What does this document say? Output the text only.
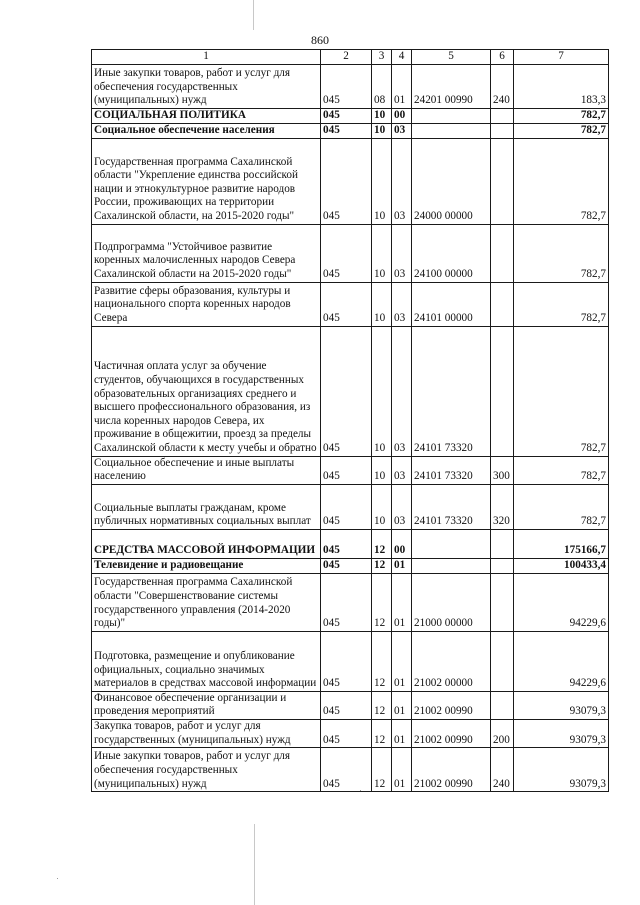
860
1	2	3	4	5	6	7
Иные закупки товаров, работ и услуг для обеспечения государственных (муниципальных) нужд	045	08	01	24201 00990	240	183,3
СОЦИАЛЬНАЯ ПОЛИТИКА	045	10	00			782,7
Социальное обеспечение населения	045	10	03			782,7
Государственная программа Сахалинской области "Укрепление единства российской нации и этнокультурное развитие народов России, проживающих на территории Сахалинской области, на 2015-2020 годы"	045	10	03	24000 00000		782,7
Подпрограмма "Устойчивое развитие коренных малочисленных народов Севера Сахалинской области на 2015-2020 годы"	045	10	03	24100 00000		782,7
Развитие сферы образования, культуры и национального спорта коренных народов Севера	045	10	03	24101 00000		782,7
Частичная оплата услуг за обучение студентов, обучающихся в государственных образовательных организациях среднего и высшего профессионального образования, из числа коренных народов Севера, их проживание в общежитии, проезд за пределы Сахалинской области к месту учебы и обратно	045	10	03	24101 73320		782,7
Социальное обеспечение и иные выплаты населению	045	10	03	24101 73320	300	782,7
Социальные выплаты гражданам, кроме публичных нормативных социальных выплат	045	10	03	24101 73320	320	782,7
СРЕДСТВА МАССОВОЙ ИНФОРМАЦИИ	045	12	00			175166,7
Телевидение и радиовещание	045	12	01			100433,4
Государственная программа Сахалинской области "Совершенствование системы государственного управления (2014-2020 годы)"	045	12	01	21000 00000		94229,6
Подготовка, размещение и опубликование официальных, социально значимых материалов в средствах массовой информации	045	12	01	21002 00000		94229,6
Финансовое обеспечение организации и проведения мероприятий	045	12	01	21002 00990		93079,3
Закупка товаров, работ и услуг для государственных (муниципальных) нужд	045	12	01	21002 00990	200	93079,3
Иные закупки товаров, работ и услуг для обеспечения государственных (муниципальных) нужд	045	12	01	21002 00990	240	93079,3
